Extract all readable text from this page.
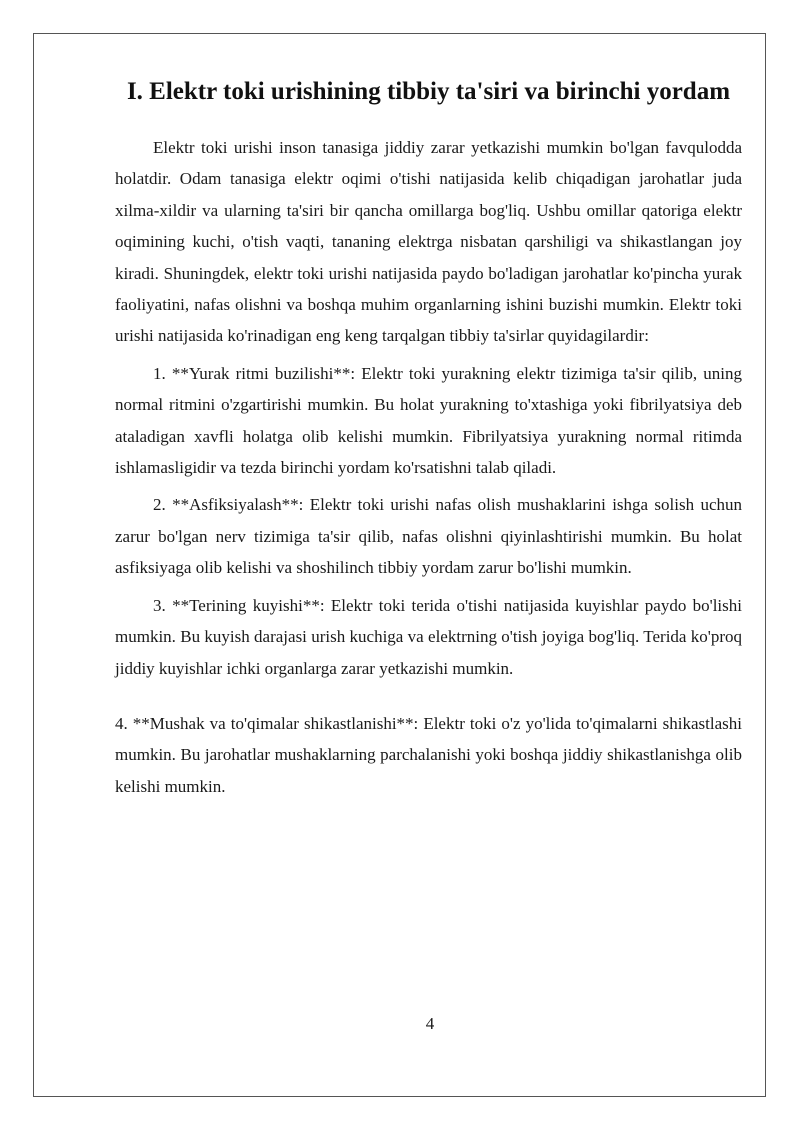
I. Elektr toki urishining tibbiy ta'siri va birinchi yordam

Elektr toki urishi inson tanasiga jiddiy zarar yetkazishi mumkin bo'lgan favqulodda holatdir. Odam tanasiga elektr oqimi o'tishi natijasida kelib chiqadigan jarohatlar juda xilma-xildir va ularning ta'siri bir qancha omillarga bog'liq. Ushbu omillar qatoriga elektr oqimining kuchi, o'tish vaqti, tananing elektrga nisbatan qarshiligi va shikastlangan joy kiradi. Shuningdek, elektr toki urishi natijasida paydo bo'ladigan jarohatlar ko'pincha yurak faoliyatini, nafas olishni va boshqa muhim organlarning ishini buzishi mumkin. Elektr toki urishi natijasida ko'rinadigan eng keng tarqalgan tibbiy ta'sirlar quyidagilardir:

1. **Yurak ritmi buzilishi**: Elektr toki yurakning elektr tizimiga ta'sir qilib, uning normal ritmini o'zgartirishi mumkin. Bu holat yurakning to'xtashiga yoki fibrilyatsiya deb ataladigan xavfli holatga olib kelishi mumkin. Fibrilyatsiya yurakning normal ritimda ishlamasligidir va tezda birinchi yordam ko'rsatishni talab qiladi.

2. **Asfiksiyalash**: Elektr toki urishi nafas olish mushaklarini ishga solish uchun zarur bo'lgan nerv tizimiga ta'sir qilib, nafas olishni qiyinlashtirishi mumkin. Bu holat asfiksiyaga olib kelishi va shoshilinch tibbiy yordam zarur bo'lishi mumkin.

3. **Terining kuyishi**: Elektr toki terida o'tishi natijasida kuyishlar paydo bo'lishi mumkin. Bu kuyish darajasi urish kuchiga va elektrning o'tish joyiga bog'liq. Terida ko'proq jiddiy kuyishlar ichki organlarga zarar yetkazishi mumkin.

4. **Mushak va to'qimalar shikastlanishi**: Elektr toki o'z yo'lida to'qimalarni shikastlashi mumkin. Bu jarohatlar mushaklarning parchalanishi yoki boshqa jiddiy shikastlanishga olib kelishi mumkin.

4
